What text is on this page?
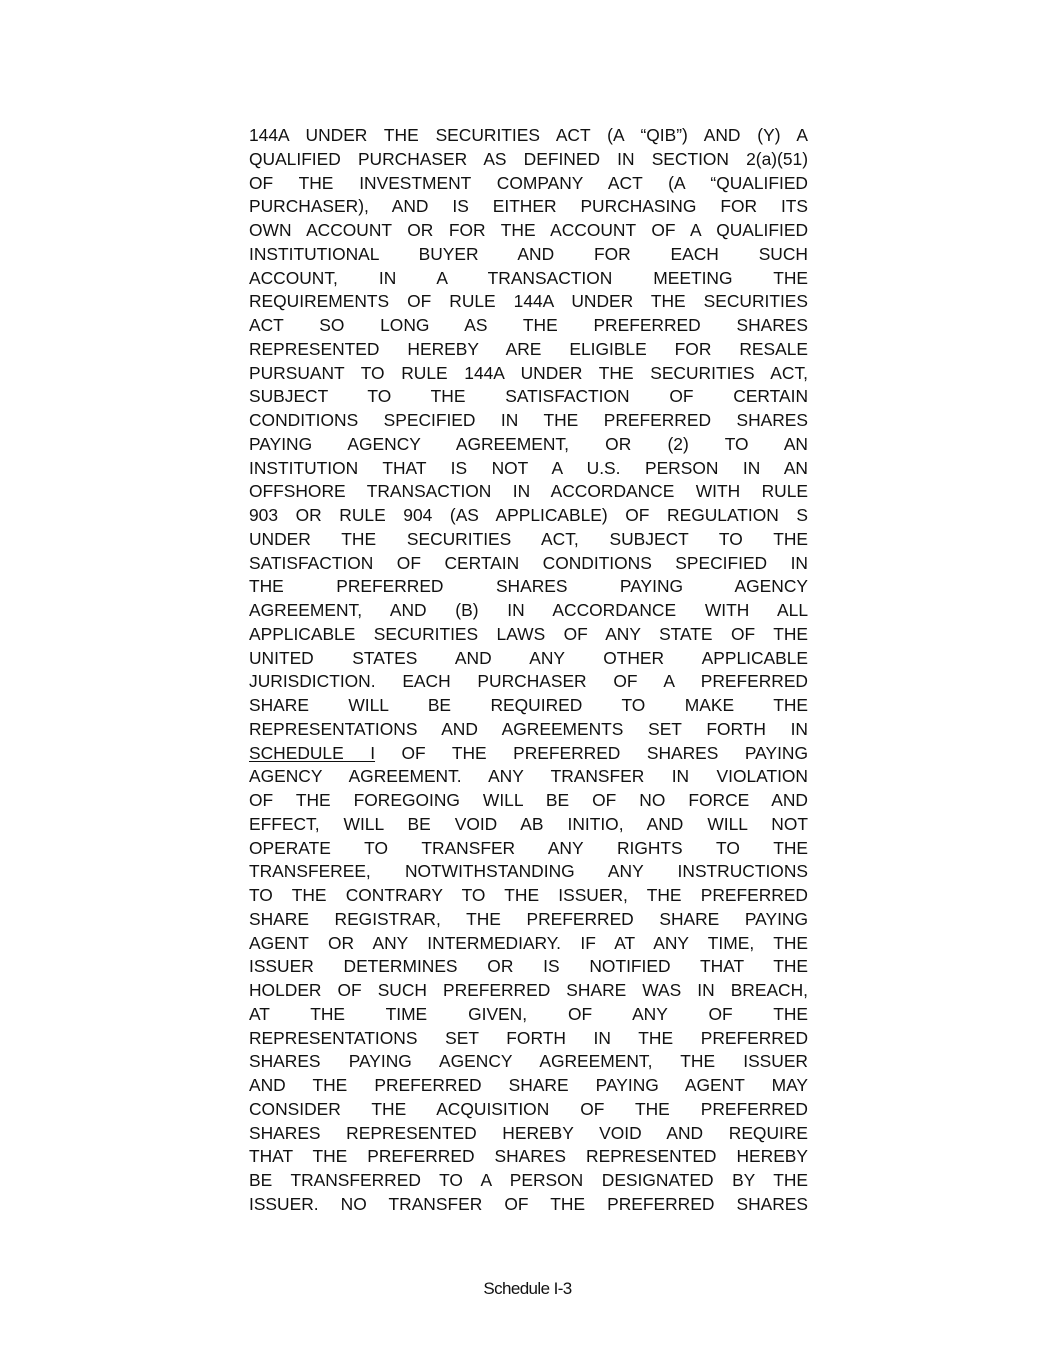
144A UNDER THE SECURITIES ACT (A “QIB”) AND (Y) A
QUALIFIED PURCHASER AS DEFINED IN SECTION 2(a)(51)
OF THE INVESTMENT COMPANY ACT (A “QUALIFIED
PURCHASER), AND IS EITHER PURCHASING FOR ITS
OWN ACCOUNT OR FOR THE ACCOUNT OF A QUALIFIED
INSTITUTIONAL BUYER AND FOR EACH SUCH
ACCOUNT, IN A TRANSACTION MEETING THE
REQUIREMENTS OF RULE 144A UNDER THE SECURITIES
ACT SO LONG AS THE PREFERRED SHARES
REPRESENTED HEREBY ARE ELIGIBLE FOR RESALE
PURSUANT TO RULE 144A UNDER THE SECURITIES ACT,
SUBJECT TO THE SATISFACTION OF CERTAIN
CONDITIONS SPECIFIED IN THE PREFERRED SHARES
PAYING AGENCY AGREEMENT, OR (2) TO AN
INSTITUTION THAT IS NOT A U.S. PERSON IN AN
OFFSHORE TRANSACTION IN ACCORDANCE WITH RULE
903 OR RULE 904 (AS APPLICABLE) OF REGULATION S
UNDER THE SECURITIES ACT, SUBJECT TO THE
SATISFACTION OF CERTAIN CONDITIONS SPECIFIED IN
THE PREFERRED SHARES PAYING AGENCY
AGREEMENT, AND (B) IN ACCORDANCE WITH ALL
APPLICABLE SECURITIES LAWS OF ANY STATE OF THE
UNITED STATES AND ANY OTHER APPLICABLE
JURISDICTION. EACH PURCHASER OF A PREFERRED
SHARE WILL BE REQUIRED TO MAKE THE
REPRESENTATIONS AND AGREEMENTS SET FORTH IN
SCHEDULE I OF THE PREFERRED SHARES PAYING
AGENCY AGREEMENT. ANY TRANSFER IN VIOLATION
OF THE FOREGOING WILL BE OF NO FORCE AND
EFFECT, WILL BE VOID AB INITIO, AND WILL NOT
OPERATE TO TRANSFER ANY RIGHTS TO THE
TRANSFEREE, NOTWITHSTANDING ANY INSTRUCTIONS
TO THE CONTRARY TO THE ISSUER, THE PREFERRED
SHARE REGISTRAR, THE PREFERRED SHARE PAYING
AGENT OR ANY INTERMEDIARY. IF AT ANY TIME, THE
ISSUER DETERMINES OR IS NOTIFIED THAT THE
HOLDER OF SUCH PREFERRED SHARE WAS IN BREACH,
AT THE TIME GIVEN, OF ANY OF THE
REPRESENTATIONS SET FORTH IN THE PREFERRED
SHARES PAYING AGENCY AGREEMENT, THE ISSUER
AND THE PREFERRED SHARE PAYING AGENT MAY
CONSIDER THE ACQUISITION OF THE PREFERRED
SHARES REPRESENTED HEREBY VOID AND REQUIRE
THAT THE PREFERRED SHARES REPRESENTED HEREBY
BE TRANSFERRED TO A PERSON DESIGNATED BY THE
ISSUER. NO TRANSFER OF THE PREFERRED SHARES
Schedule I-3
